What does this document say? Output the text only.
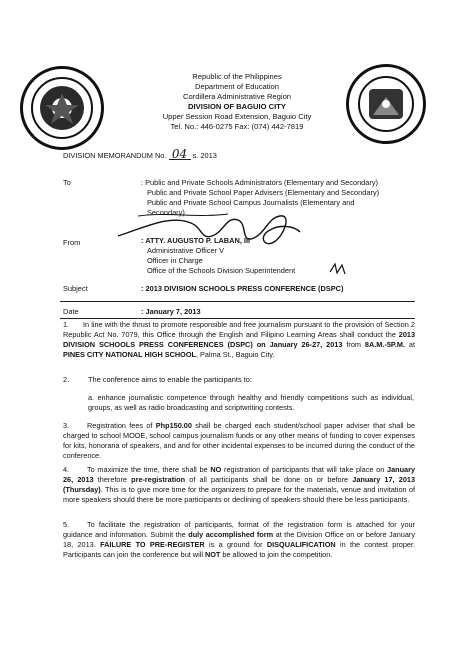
Republic of the Philippines
Department of Education
Cordillera Administrative Region
DIVISION OF BAGUIO CITY
Upper Session Road Extension, Baguio City
Tel. No.: 446-0275 Fax: (074) 442-7819
DIVISION MEMORANDUM No. 04 s. 2013
To	: Public and Private Schools Administrators (Elementary and Secondary)
Public and Private School Paper Advisers (Elementary and Secondary)
Public and Private School Campus Journalists (Elementary and
Secondary)
From	: ATTY. AUGUSTO P. LABAN, III
Administrative Officer V
Officer in Charge
Office of the Schools Division Superintendent
Subject	: 2013 DIVISION SCHOOLS PRESS CONFERENCE (DSPC)
Date	: January 7, 2013
1. In line with the thrust to promote responsible and free journalism pursuant to the provision of Section 2 Republic Act No. 7079, this Office through the English and Filipino Learning Areas shall conduct the 2013 DIVISION SCHOOLS PRESS CONFERENCES (DSPC) on January 26-27, 2013 from 8A.M.-5P.M. at PINES CITY NATIONAL HIGH SCHOOL, Palma St., Baguio City.
2.	The conference aims to enable the participants to:
a. enhance journalistic competence through healthy and friendly competitions such as individual, groups, as well as radio broadcasting and scriptwriting contests.
3. Registration fees of Php150.00 shall be charged each student/school paper adviser that shall be charged to school MOOE, school campus journalism funds or any other means of funding to cover expenses for kits, honoraria of speakers, and and for other incidental expenses to be incurred during the conduct of the conference.
4. To maximize the time, there shall be NO registration of participants that will take place on January 26, 2013 therefore pre-registration of all participants shall be done on or before January 17, 2013 (Thursday). This is to give more time for the organizers to prepare for the materials, venue and invitation of more speakers should there be more participants or declining of speakers should there be less participants.
5. To facilitate the registration of participants, format of the registration form is attached for your guidance and information. Submit the duly accomplished form at the Division Office on or before January 18, 2013. FAILURE TO PRE-REGISTER is a ground for DISQUALIFICATION in the contest proper. Participants can join the conference but will NOT be allowed to join the competition.
